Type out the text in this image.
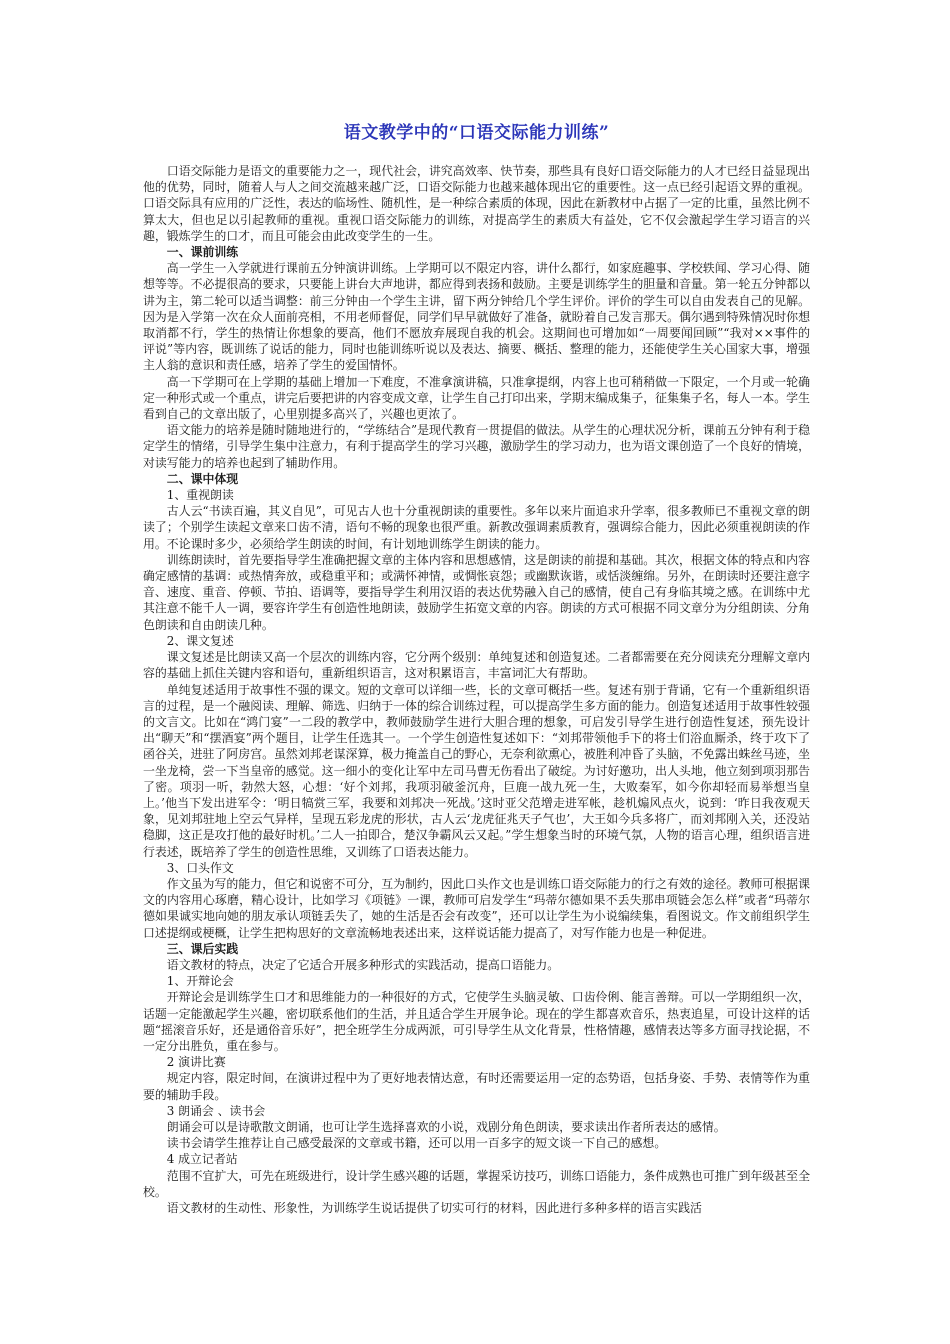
语文教学中的“口语交际能力训练”

口语交际能力是语文的重要能力之一，现代社会，讲究高效率、快节奏，那些具有良好口语交际能力的人才已经日益显现出他的优势，同时，随着人与人之间交流越来越广泛，口语交际能力也越来越体现出它的重要性。这一点已经引起语文界的重视。口语交际具有应用的广泛性，表达的临场性、随机性，是一种综合素质的体现，因此在新教材中占据了一定的比重，虽然比例不算太大，但也足以引起教师的重视。重视口语交际能力的训练，对提高学生的素质大有益处，它不仅会激起学生学习语言的兴趣，锻炼学生的口才，而且可能会由此改变学生的一生。

一、课前训练

高一学生一入学就进行课前五分钟演讲训练。上学期可以不限定内容，讲什么都行，如家庭趣事、学校轶闻、学习心得、随想等等。不必提很高的要求，只要能上讲台大声地讲，都应得到表扬和鼓励。主要是训练学生的胆量和音量。第一轮五分钟都以讲为主，第二轮可以适当调整：前三分钟由一个学生主讲，留下两分钟给几个学生评价。评价的学生可以自由发表自己的见解。因为是入学第一次在众人面前亮相，不用老师督促，同学们早早就做好了准备，就盼着自己发言那天。偶尔遇到特殊情况时你想取消都不行，学生的热情让你想象的要高，他们不愿放弃展现自我的机会。这期间也可增加如“一周要闻回顾”“我对××事件的评说”等内容，既训练了说话的能力，同时也能训练听说以及表达、摘要、概括、整理的能力，还能使学生关心国家大事，增强主人翁的意识和责任感，培养了学生的爱国情怀。

高一下学期可在上学期的基础上增加一下难度，不准拿演讲稿，只准拿提纲，内容上也可稍稍做一下限定，一个月或一轮确定一种形式或一个重点，讲完后要把讲的内容变成文章，让学生自己打印出来，学期末编成集子，征集集子名，每人一本。学生看到自己的文章出版了，心里别提多高兴了，兴趣也更浓了。

语文能力的培养是随时随地进行的，“学练结合”是现代教育一贯提倡的做法。从学生的心理状况分析，课前五分钟有利于稳定学生的情绪，引导学生集中注意力，有利于提高学生的学习兴趣，激励学生的学习动力，也为语文课创造了一个良好的情境，对读写能力的培养也起到了辅助作用。

二、课中体现
1、重视朗读

古人云“书读百遍，其义自见”，可见古人也十分重视朗读的重要性。多年以来片面追求升学率，很多教师已不重视文章的朗读了；个别学生读起文章来口齿不清，语句不畅的现象也很严重。新教改强调素质教育，强调综合能力，因此必须重视朗读的作用。不论课时多少，必须给学生朗读的时间，有计划地训练学生朗读的能力。

训练朗读时，首先要指导学生准确把握文章的主体内容和思想感情，这是朗读的前提和基础。其次，根据文体的特点和内容确定感情的基调：或热情奔放，或稳重平和；或满怀神情，或惆怅哀怨；或幽默诙谐，或恬淡缠绵。另外，在朗读时还要注意字音、速度、重音、停顿、节拍、语调等，要指导学生利用汉语的表达优势融入自己的感情，使自己有身临其境之感。在训练中尤其注意不能千人一调，要容许学生有创造性地朗读，鼓励学生拓宽文章的内容。朗读的方式可根据不同文章分为分组朗读、分角色朗读和自由朗读几种。

2、课文复述

课文复述是比朗读又高一个层次的训练内容，它分两个级别：单纯复述和创造复述。二者都需要在充分阅读充分理解文章内容的基础上抓住关键内容和语句，重新组织语言，这对积累语言，丰富词汇大有帮助。

单纯复述适用于故事性不强的课文。短的文章可以详细一些，长的文章可概括一些。复述有别于背诵，它有一个重新组织语言的过程，是一个融阅读、理解、筛选、归纳于一体的综合训练过程，可以提高学生多方面的能力。创造复述适用于故事性较强的文言文。比如在“鸿门宴”一二段的教学中，教师鼓励学生进行大胆合理的想象，可启发引导学生进行创造性复述，预先设计出“聊天”和“摆酒宴”两个题目，让学生任选其一。一个学生创造性复述如下：“刘邦带领他手下的将士们浴血厮杀，终于攻下了函谷关，进驻了阿房宫。虽然刘邦老谋深算，极力掩盖自己的野心，无奈利欲熏心，被胜利冲昏了头脑，不免露出蛛丝马迹，坐一坐龙椅，尝一下当皇帝的感觉。这一细小的变化让军中左司马曹无伤看出了破绽。为讨好邀功，出人头地，他立刻到项羽那告了密。项羽一听，勃然大怒，心想：‘好个刘邦，我项羽破釜沉舟，巨鹿一战九死一生，大败秦军，如今你却轻而易举想当皇上。’他当下发出进军令：‘明日犒赏三军，我要和刘邦决一死战。’这时亚父范增走进军帐，趁机煽风点火，说到：‘昨日我夜观天象，见刘邦驻地上空云气异样，呈现五彩龙虎的形状，古人云‘龙虎征兆天子气也’，大王如今兵多将广，而刘邦刚入关，还没站稳脚，这正是攻打他的最好时机。’二人一拍即合，楚汉争霸风云又起。”学生想象当时的环境气氛，人物的语言心理，组织语言进行表述，既培养了学生的创造性思维，又训练了口语表达能力。

3、口头作文

作文虽为写的能力，但它和说密不可分，互为制约，因此口头作文也是训练口语交际能力的行之有效的途径。教师可根据课文的内容用心琢磨，精心设计，比如学习《项链》一课，教师可启发学生“玛蒂尔德如果不丢失那串项链会怎么样”或者“玛蒂尔德如果诚实地向她的朋友承认项链丢失了，她的生活是否会有改变”，还可以让学生为小说编续集，看图说文。作文前组织学生口述提纲或梗概，让学生把构思好的文章流畅地表述出来，这样说话能力提高了，对写作能力也是一种促进。

三、课后实践

语文教材的特点，决定了它适合开展多种形式的实践活动，提高口语能力。

1、开辩论会

开辩论会是训练学生口才和思维能力的一种很好的方式，它使学生头脑灵敏、口齿伶俐、能言善辩。可以一学期组织一次，话题一定能激起学生兴趣，密切联系他们的生活，并且适合学生开展争论。现在的学生都喜欢音乐，热衷追星，可设计这样的话题“摇滚音乐好，还是通俗音乐好”，把全班学生分成两派，可引导学生从文化背景，性格情趣，感情表达等多方面寻找论据，不一定分出胜负，重在参与。

2 演讲比赛

规定内容，限定时间，在演讲过程中为了更好地表情达意，有时还需要运用一定的态势语，包括身姿、手势、表情等作为重要的辅助手段。

3 朗诵会 、读书会

朗诵会可以是诗歌散文朗诵，也可让学生选择喜欢的小说，戏剧分角色朗读，要求读出作者所表达的感情。

读书会请学生推荐让自己感受最深的文章或书籍，还可以用一百多字的短文谈一下自己的感想。

4 成立记者站

范围不宜扩大，可先在班级进行，设计学生感兴趣的话题，掌握采访技巧，训练口语能力，条件成熟也可推广到年级甚至全校。

语文教材的生动性、形象性，为训练学生说话提供了切实可行的材料，因此进行多种多样的语言实践活
